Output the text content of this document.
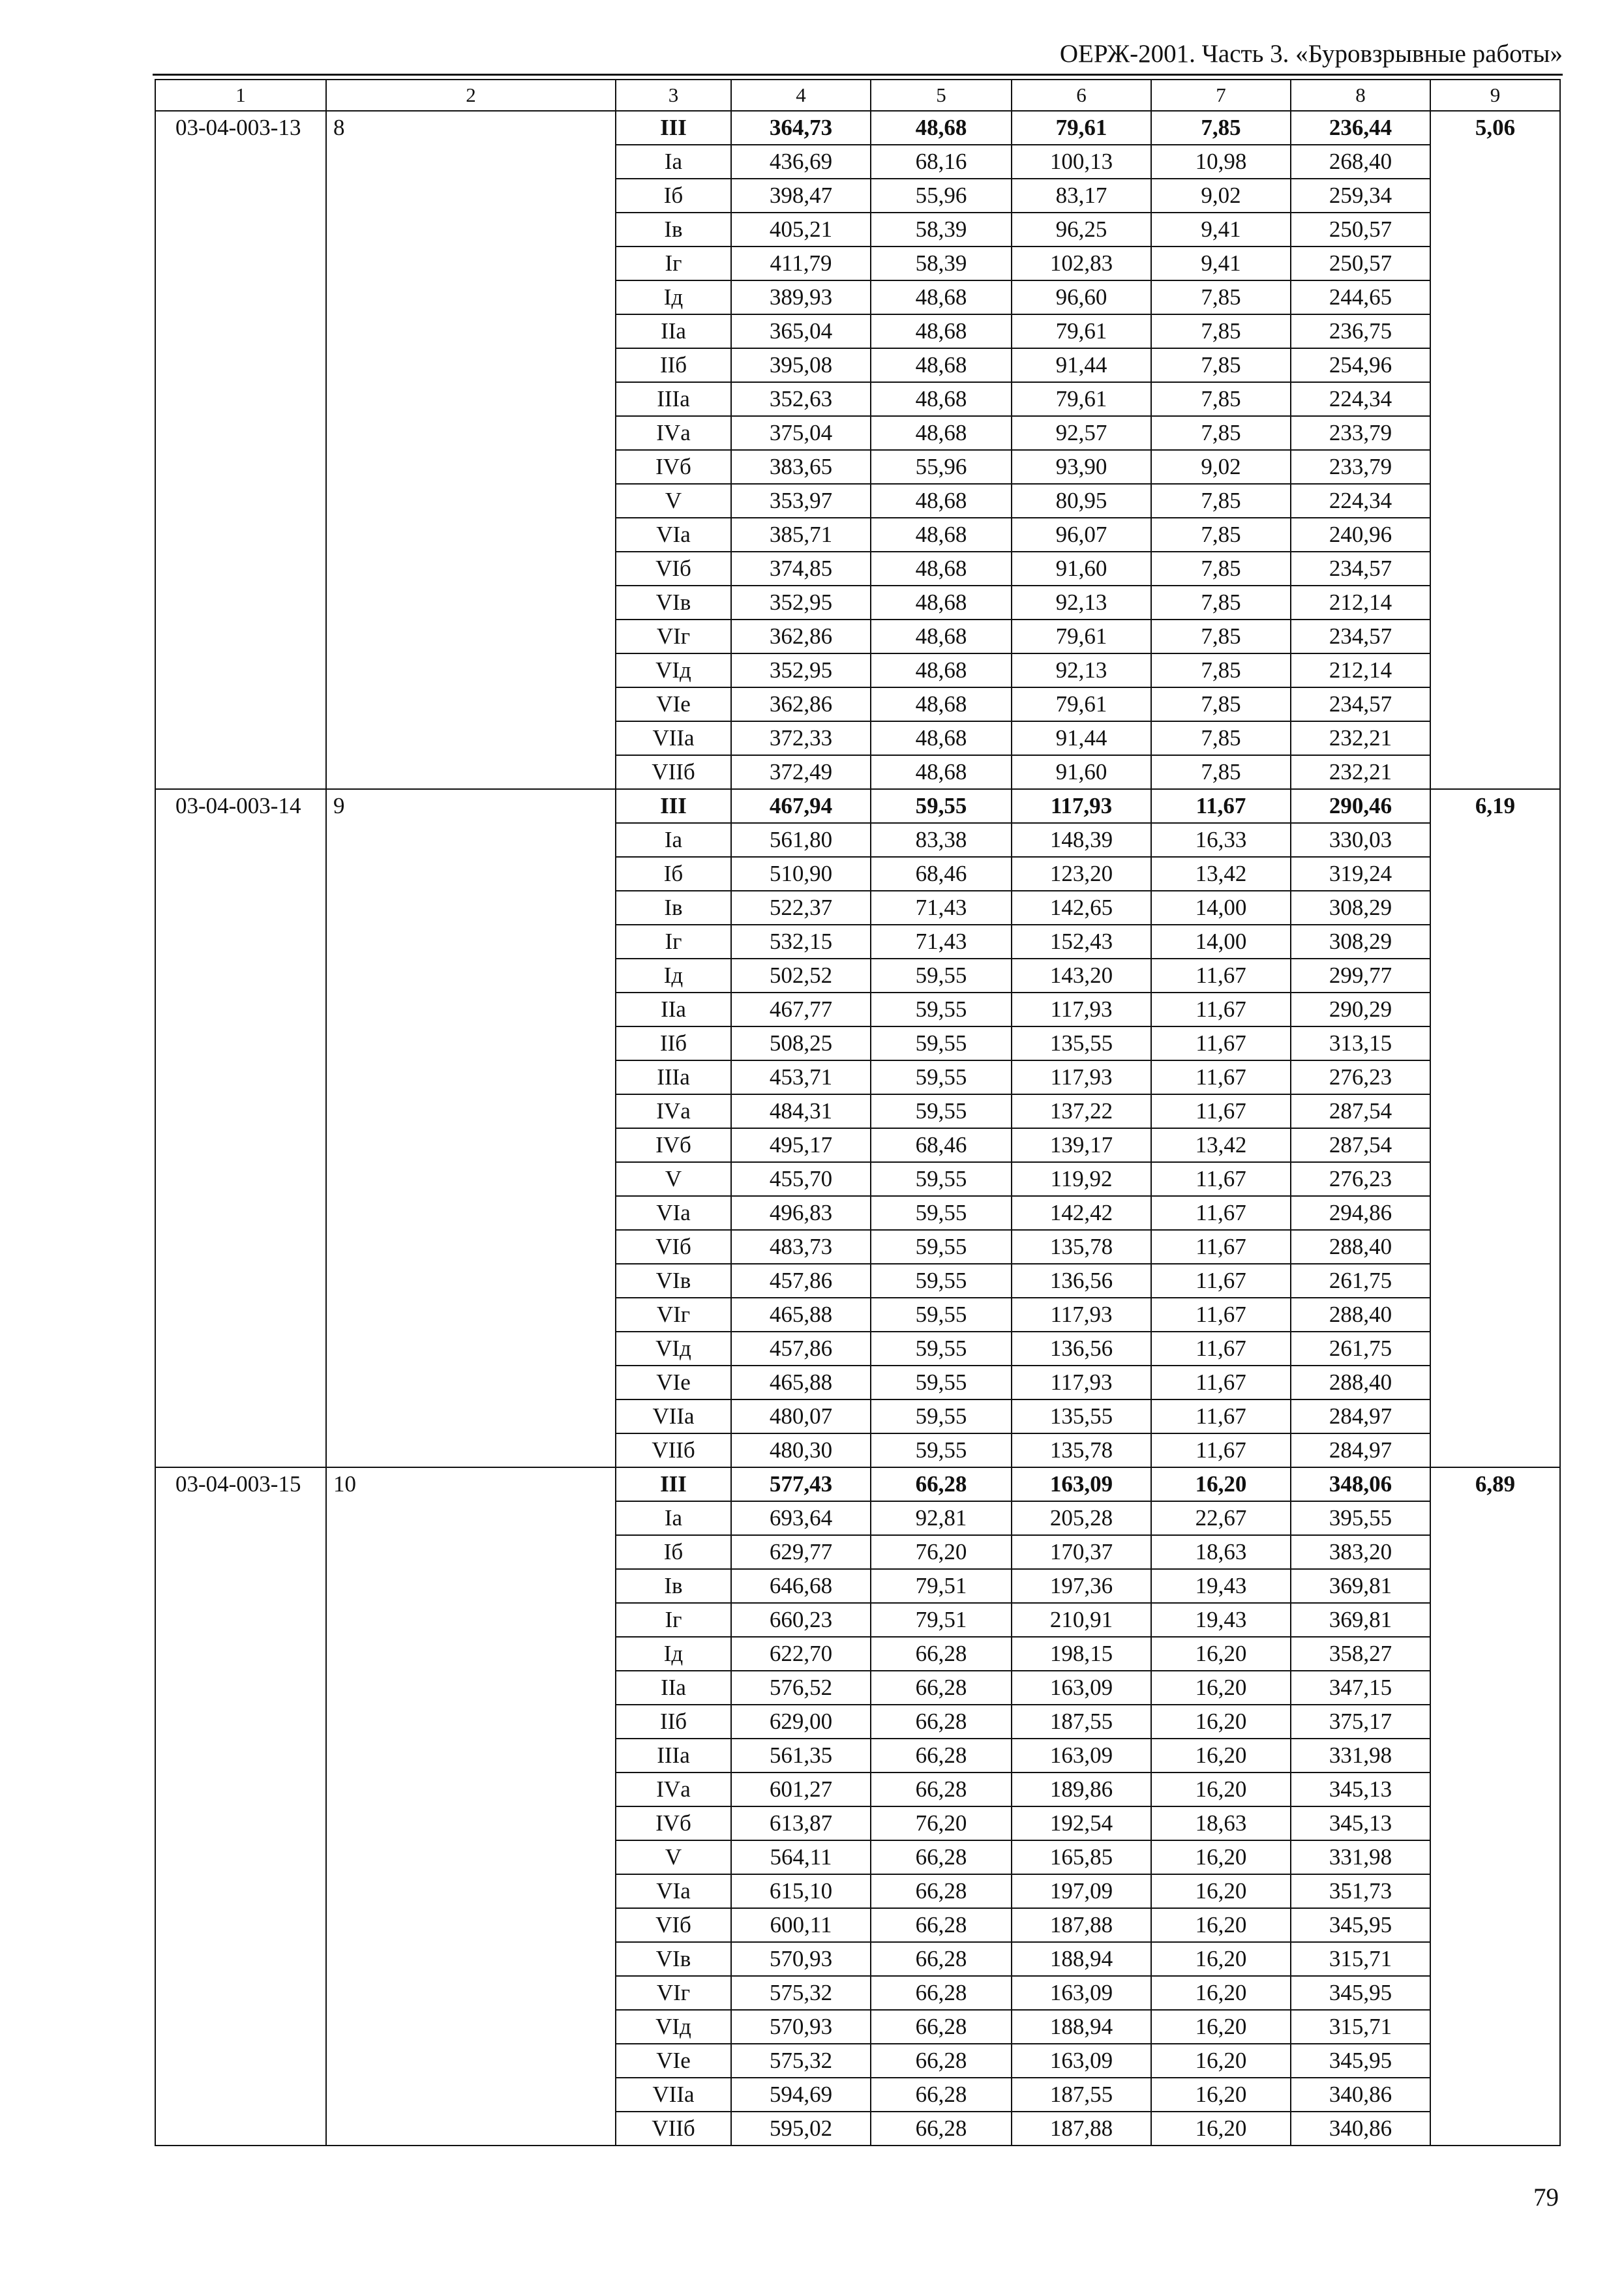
ОЕРЖ-2001. Часть 3. «Буровзрывные работы»
1	2	3	4	5	6	7	8	9
03-04-003-13	8	III	364,73	48,68	79,61	7,85	236,44	5,06
		Iа	436,69	68,16	100,13	10,98	268,40	
		Iб	398,47	55,96	83,17	9,02	259,34	
		Iв	405,21	58,39	96,25	9,41	250,57	
		Iг	411,79	58,39	102,83	9,41	250,57	
		Iд	389,93	48,68	96,60	7,85	244,65	
		IIа	365,04	48,68	79,61	7,85	236,75	
		IIб	395,08	48,68	91,44	7,85	254,96	
		IIIа	352,63	48,68	79,61	7,85	224,34	
		IVа	375,04	48,68	92,57	7,85	233,79	
		IVб	383,65	55,96	93,90	9,02	233,79	
		V	353,97	48,68	80,95	7,85	224,34	
		VIа	385,71	48,68	96,07	7,85	240,96	
		VIб	374,85	48,68	91,60	7,85	234,57	
		VIв	352,95	48,68	92,13	7,85	212,14	
		VIг	362,86	48,68	79,61	7,85	234,57	
		VIд	352,95	48,68	92,13	7,85	212,14	
		VIе	362,86	48,68	79,61	7,85	234,57	
		VIIа	372,33	48,68	91,44	7,85	232,21	
		VIIб	372,49	48,68	91,60	7,85	232,21	
03-04-003-14	9	III	467,94	59,55	117,93	11,67	290,46	6,19
		Iа	561,80	83,38	148,39	16,33	330,03	
		Iб	510,90	68,46	123,20	13,42	319,24	
		Iв	522,37	71,43	142,65	14,00	308,29	
		Iг	532,15	71,43	152,43	14,00	308,29	
		Iд	502,52	59,55	143,20	11,67	299,77	
		IIа	467,77	59,55	117,93	11,67	290,29	
		IIб	508,25	59,55	135,55	11,67	313,15	
		IIIа	453,71	59,55	117,93	11,67	276,23	
		IVа	484,31	59,55	137,22	11,67	287,54	
		IVб	495,17	68,46	139,17	13,42	287,54	
		V	455,70	59,55	119,92	11,67	276,23	
		VIа	496,83	59,55	142,42	11,67	294,86	
		VIб	483,73	59,55	135,78	11,67	288,40	
		VIв	457,86	59,55	136,56	11,67	261,75	
		VIг	465,88	59,55	117,93	11,67	288,40	
		VIд	457,86	59,55	136,56	11,67	261,75	
		VIе	465,88	59,55	117,93	11,67	288,40	
		VIIа	480,07	59,55	135,55	11,67	284,97	
		VIIб	480,30	59,55	135,78	11,67	284,97	
03-04-003-15	10	III	577,43	66,28	163,09	16,20	348,06	6,89
		Iа	693,64	92,81	205,28	22,67	395,55	
		Iб	629,77	76,20	170,37	18,63	383,20	
		Iв	646,68	79,51	197,36	19,43	369,81	
		Iг	660,23	79,51	210,91	19,43	369,81	
		Iд	622,70	66,28	198,15	16,20	358,27	
		IIа	576,52	66,28	163,09	16,20	347,15	
		IIб	629,00	66,28	187,55	16,20	375,17	
		IIIа	561,35	66,28	163,09	16,20	331,98	
		IVа	601,27	66,28	189,86	16,20	345,13	
		IVб	613,87	76,20	192,54	18,63	345,13	
		V	564,11	66,28	165,85	16,20	331,98	
		VIа	615,10	66,28	197,09	16,20	351,73	
		VIб	600,11	66,28	187,88	16,20	345,95	
		VIв	570,93	66,28	188,94	16,20	315,71	
		VIг	575,32	66,28	163,09	16,20	345,95	
		VIд	570,93	66,28	188,94	16,20	315,71	
		VIе	575,32	66,28	163,09	16,20	345,95	
		VIIа	594,69	66,28	187,55	16,20	340,86	
		VIIб	595,02	66,28	187,88	16,20	340,86	
79
